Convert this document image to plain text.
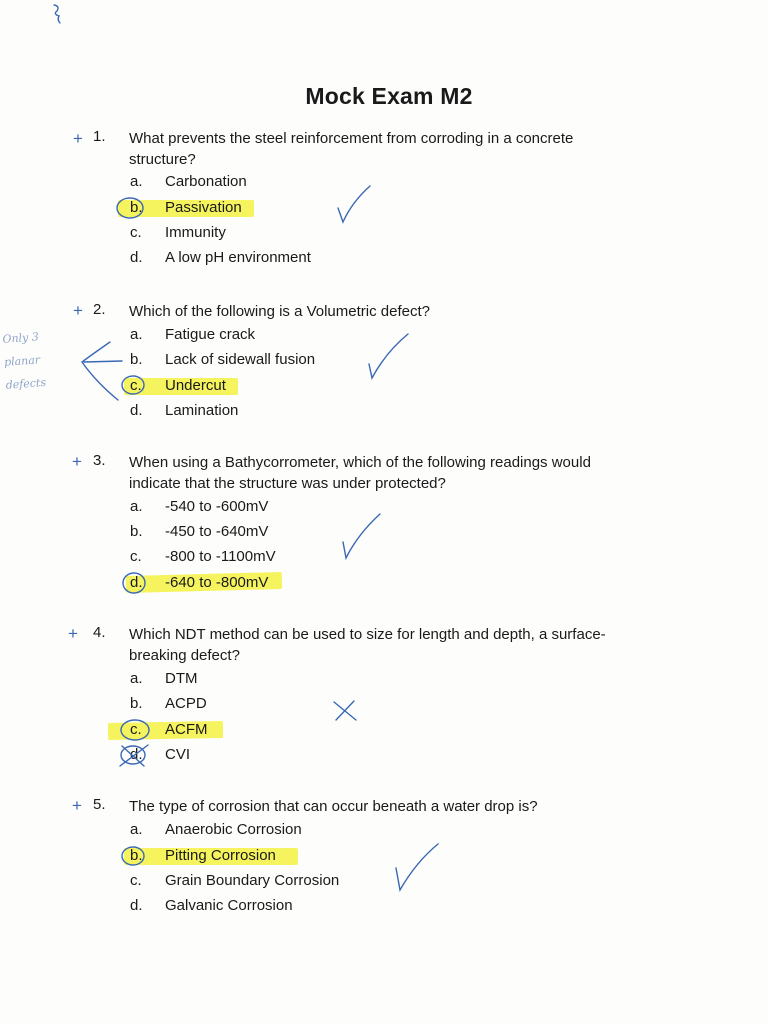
Mock Exam M2
+ 1. What prevents the steel reinforcement from corroding in a concrete structure?
a. Carbonation
b. Passivation
c. Immunity
d. A low pH environment
+ 2. Which of the following is a Volumetric defect?
a. Fatigue crack
b. Lack of sidewall fusion
c. Undercut
d. Lamination
Only 3
planar
defects
+ 3. When using a Bathycorrometer, which of the following readings would indicate that the structure was under protected?
a. -540 to -600mV
b. -450 to -640mV
c. -800 to -1100mV
d. -640 to -800mV
+ 4. Which NDT method can be used to size for length and depth, a surface-breaking defect?
a. DTM
b. ACPD
c. ACFM
d. CVI
+ 5. The type of corrosion that can occur beneath a water drop is?
a. Anaerobic Corrosion
b. Pitting Corrosion
c. Grain Boundary Corrosion
d. Galvanic Corrosion
